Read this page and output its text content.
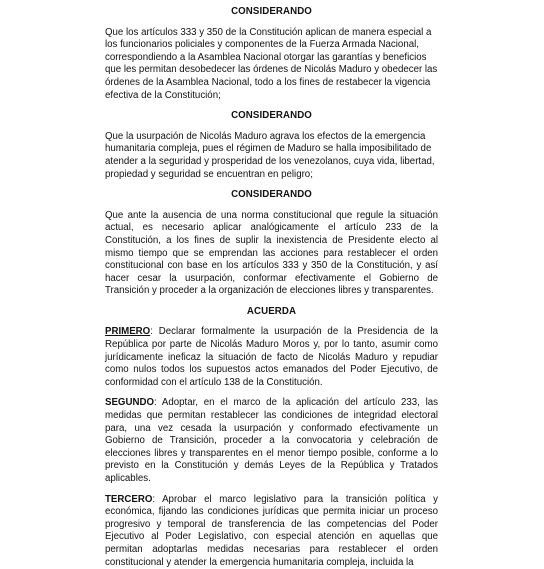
CONSIDERANDO
Que los artículos 333 y 350 de la Constitución aplican de manera especial a los funcionarios policiales y componentes de la Fuerza Armada Nacional, correspondiendo a la Asamblea Nacional otorgar las garantías y beneficios que les permitan desobedecer las órdenes de Nicolás Maduro y obedecer las órdenes de la Asamblea Nacional, todo a los fines de restabecer la vigencia efectiva de la Constitución;
CONSIDERANDO
Que la usurpación de Nicolás Maduro agrava los efectos de la emergencia humanitaria compleja, pues el régimen de Maduro se halla imposibilitado de atender a la seguridad y prosperidad de los venezolanos, cuya vida, libertad, propiedad y seguridad se encuentran en peligro;
CONSIDERANDO
Que ante la ausencia de una norma constitucional que regule la situación actual, es necesario aplicar analógicamente el artículo 233 de la Constitución, a los fines de suplir la inexistencia de Presidente electo al mismo tiempo que se emprendan las acciones para restablecer el orden constitucional con base en los artículos 333 y 350 de la Constitución, y así hacer cesar la usurpación, conformar efectivamente el Gobierno de Transición y proceder a la organización de elecciones libres y transparentes.
ACUERDA
PRIMERO: Declarar formalmente la usurpación de la Presidencia de la República por parte de Nicolás Maduro Moros y, por lo tanto, asumir como jurídicamente ineficaz la situación de facto de Nicolás Maduro y repudiar como nulos todos los supuestos actos emanados del Poder Ejecutivo, de conformidad con el artículo 138 de la Constitución.
SEGUNDO: Adoptar, en el marco de la aplicación del artículo 233, las medidas que permitan restablecer las condiciones de integridad electoral para, una vez cesada la usurpación y conformado efectivamente un Gobierno de Transición, proceder a la convocatoria y celebración de elecciones libres y transparentes en el menor tiempo posible, conforme a lo previsto en la Constitución y demás Leyes de la República y Tratados aplicables.
TERCERO: Aprobar el marco legislativo para la transición política y económica, fijando las condiciones jurídicas que permita iniciar un proceso progresivo y temporal de transferencia de las competencias del Poder Ejecutivo al Poder Legislativo, con especial atención en aquellas que permitan adoptarlas medidas necesarias para restablecer el orden constitucional y atender la emergencia humanitaria compleja, incluida la
